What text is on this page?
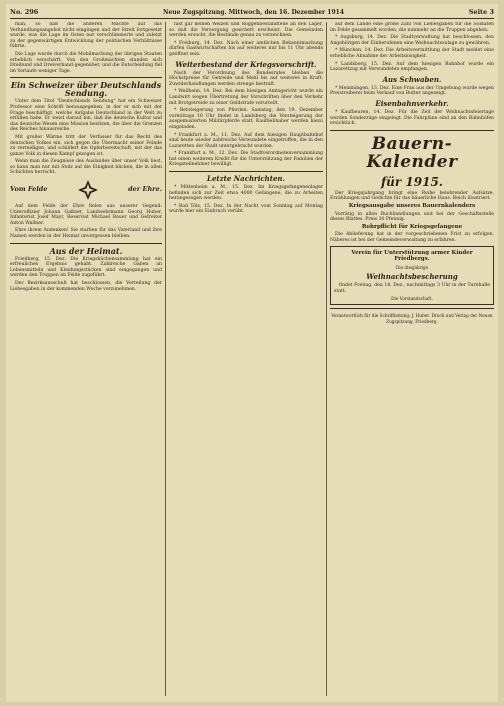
No. 296	Neue Zugspitzung. Mittwoch, den 16. Dezember 1914	Seite 3

man, so daß die anderen Mächte auf das Verhandlungsangebot nicht eingingen und der Streit fortgesetzt wurde, was die Lage im Osten nur verschlimmerte und zuletzt zu der gegenwärtigen Entwicklung der politischen Verhältnisse führte.

Die Lage wurde durch die Mobilmachung der übrigen Staaten erheblich verschärft. Von den Großmächten standen sich Dreibund und Dreiverband gegenüber, und die Entscheidung fiel im Verlaufe weniger Tage.

Ein Schweizer über Deutschlands Sendung.

Unter dem Titel "Deutschlands Sendung" hat ein Schweizer Professor eine Schrift herausgegeben, in der er sich mit der Frage beschäftigt, welche Aufgabe Deutschland in der Welt zu erfüllen habe. Er weist darauf hin, daß die deutsche Kultur und das deutsche Wesen eine Mission besitzen, die über die Grenzen des Reiches hinausreiche.

Mit großer Wärme tritt der Verfasser für das Recht des deutschen Volkes ein, sich gegen die Übermacht seiner Feinde zu verteidigen, und schildert die Opferbereitschaft, mit der das ganze Volk in diesen Kampf gezogen ist.

Wenn man die Zeugnisse des Auslandes über unser Volk liest, so kann man nur mit Stolz auf die Einigkeit blicken, die in allen Schichten herrscht.

Vom Felde	der Ehre.

Auf dem Felde der Ehre fielen aus unserer Gegend: Unteroffizier Johann Gaßner, Landwehrmann Georg Huber, Infanterist Josef Mayr, Reservist Michael Bauer und Gefreiter Anton Wallner.

Ehre ihrem Andenken! Sie starben für das Vaterland und ihre Namen werden in der Heimat unvergessen bleiben.

Aus der Heimat.

Friedberg, 15. Dez. Die Kriegsküchensammlung hat ein erfreuliches Ergebnis gehabt. Zahlreiche Gaben an Lebensmitteln und Kleidungsstücken sind eingegangen und werden den Truppen im Felde zugeführt.

Der Bezirksausschuß hat beschlossen, die Verteilung der Liebesgaben in der kommenden Woche vorzunehmen.

fast gar keinen Weizen und Roggenbestandteile an den Lager, so daß die Versorgung gesichert erscheint. Die Gemeinden werden ersucht, die Bestände genau zu verzeichnen.

* Freiburg, 14. Dez. Nach einer amtlichen Bekanntmachung dürfen Gastwirtschaften bis auf weiteres nur bis 11 Uhr abends geöffnet sein.

Weiterbestand der Kriegsvorschrift.

Nach der Verordnung des Bundesrates bleiben die Höchstpreise für Getreide und Mehl bis auf weiteres in Kraft. Zuwiderhandlungen werden strenge bestraft.

* Weilheim, 14. Dez. Bei dem hiesigen Amtsgericht wurde ein Landwirt wegen Übertretung der Vorschriften über den Verkehr mit Brotgetreide zu einer Geldstrafe verurteilt.

* Bersteigerung von Pferden. Samstag, den 19. Dezember vormittags 10 Uhr findet in Landsberg die Versteigerung der ausgemusterten Militärpferde statt. Kaufliebhaber werden hiezu eingeladen.

* Frankfurt a. M., 11. Dez. Auf dem hiesigen Hauptbahnhof sind heute wieder zahlreiche Verwundete eingetroffen, die in den Lazaretten der Stadt untergebracht wurden.

* Frankfurt a. M., 12. Dez. Die Stadtverordnetenversammlung hat einen weiteren Kredit für die Unterstützung der Familien der Kriegsteilnehmer bewilligt.

Letzte Nachrichten.

* Mittenheim a. M., 15. Dez. Im Kriegsgefangenenlager befinden sich zur Zeit etwa 4000 Gefangene, die zu Arbeiten herangezogen werden.

* Bad Tölz, 15. Dez. In der Nacht vom Sonntag auf Montag wurde hier ein Einbruch verübt.

auf dem Lande eine große Zahl von Liebesgaben für die Soldaten im Felde gesammelt worden, die nunmehr an die Truppen abgehen.

* Augsburg, 14. Dez. Die Stadtverwaltung hat beschlossen, den Angehörigen der Einberufenen eine Weihnachtszulage zu gewähren.

* München, 14. Dez. Die Arbeitsvermittlung der Stadt meldet eine erhebliche Abnahme der Arbeitslosigkeit.

* Landsberg, 15. Dez. Auf dem hiesigen Bahnhof wurde ein Lazarettzug mit Verwundeten empfangen.

Aus Schwaben.

* Memmingen, 13. Dez. Eine Frau aus der Umgebung wurde wegen Preistreiberei beim Verkauf von Butter angezeigt.

Eisenbahnverkehr.

* Kaufbeuren, 14. Dez. Für die Zeit der Weihnachtsfeiertage werden Sonderzüge eingelegt. Die Fahrpläne sind an den Bahnhöfen ersichtlich.

Bauern-Kalender
für 1915.

Der Kriegsjahrgang bringt eine Reihe belehrender Aufsätze, Erzählungen und Gedichte für das bäuerliche Haus. Reich illustriert.

Kriegsausgabe unseres Bauernkalenders

Vorrätig in allen Buchhandlungen und bei der Geschäftsstelle dieses Blattes. Preis 30 Pfennig.

Rohrpflicht für Kriegsgefangene

Die Ablieferung hat in der vorgeschriebenen Frist zu erfolgen. Näheres ist bei der Gemeindeverwaltung zu erfahren.

Verein für Unterstützung armer Kinder Friedbergs.
Die diesjährige
Weihnachtsbescherung

findet Freitag, den 18. Dez., nachmittags 3 Uhr in der Turnhalle statt.

Die Vorstandschaft.

Verantwortlich für die Schriftleitung: J. Huber. Druck und Verlag der Neuen Zugspitzung, Friedberg.
